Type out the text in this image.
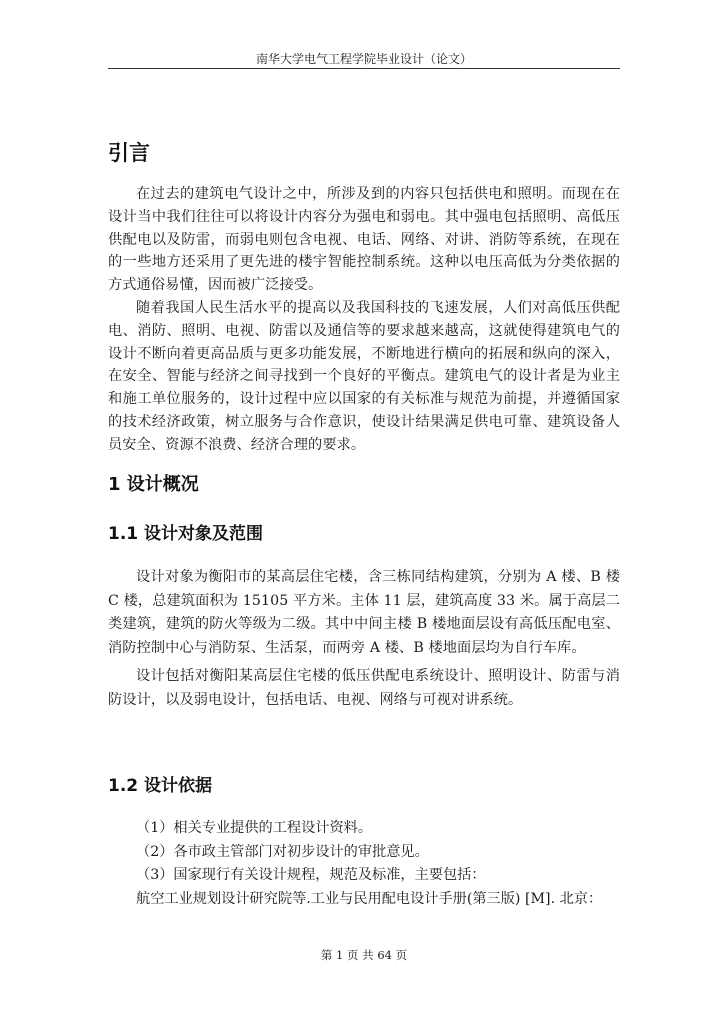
南华大学电气工程学院毕业设计（论文）
引言

在过去的建筑电气设计之中，所涉及到的内容只包括供电和照明。而现在在设计当中我们往往可以将设计内容分为强电和弱电。其中强电包括照明、高低压供配电以及防雷，而弱电则包含电视、电话、网络、对讲、消防等系统，在现在的一些地方还采用了更先进的楼宇智能控制系统。这种以电压高低为分类依据的方式通俗易懂，因而被广泛接受。

随着我国人民生活水平的提高以及我国科技的飞速发展，人们对高低压供配电、消防、照明、电视、防雷以及通信等的要求越来越高，这就使得建筑电气的设计不断向着更高品质与更多功能发展，不断地进行横向的拓展和纵向的深入，在安全、智能与经济之间寻找到一个良好的平衡点。建筑电气的设计者是为业主和施工单位服务的，设计过程中应以国家的有关标准与规范为前提，并遵循国家的技术经济政策，树立服务与合作意识，使设计结果满足供电可靠、建筑设备人员安全、资源不浪费、经济合理的要求。

1 设计概况
1.1 设计对象及范围

设计对象为衡阳市的某高层住宅楼，含三栋同结构建筑，分别为 A 楼、B 楼 C 楼，总建筑面积为 15105 平方米。主体 11 层，建筑高度 33 米。属于高层二类建筑，建筑的防火等级为二级。其中中间主楼 B 楼地面层设有高低压配电室、消防控制中心与消防泵、生活泵，而两旁 A 楼、B 楼地面层均为自行车库。

设计包括对衡阳某高层住宅楼的低压供配电系统设计、照明设计、防雷与消防设计，以及弱电设计，包括电话、电视、网络与可视对讲系统。

1.2 设计依据
（1）相关专业提供的工程设计资料。
（2）各市政主管部门对初步设计的审批意见。
（3）国家现行有关设计规程，规范及标准，主要包括：
航空工业规划设计研究院等.工业与民用配电设计手册(第三版) [M]. 北京：
第 1 页 共 64 页
